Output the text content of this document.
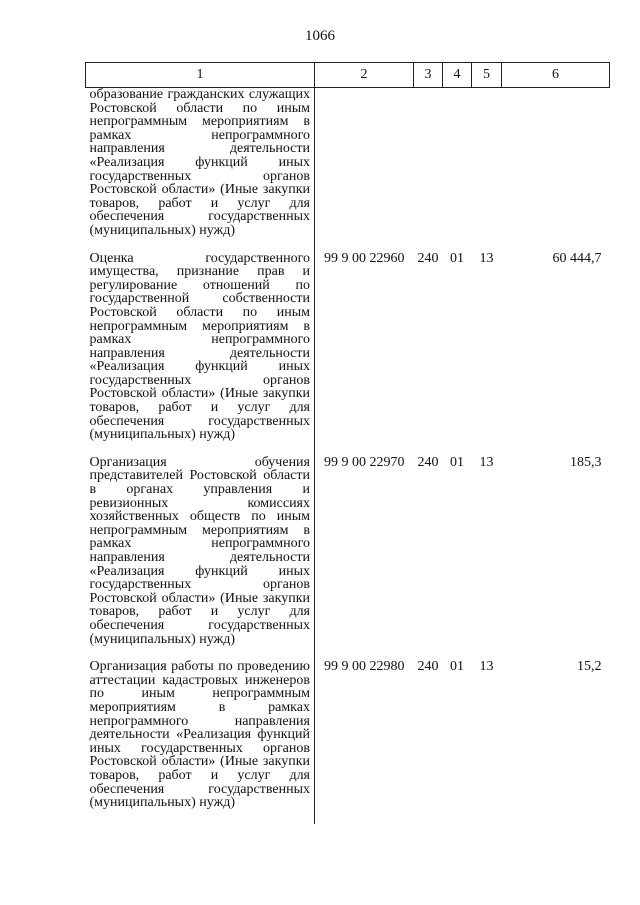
1066
1	2	3	4	5	6
образование гражданских служащих Ростовской области по иным непрограммным мероприятиям в рамках непрограммного направления деятельности «Реализация функций иных государственных органов Ростовской области» (Иные закупки товаров, работ и услуг для обеспечения государственных (муниципальных) нужд)					
Оценка государственного имущества, признание прав и регулирование отношений по государственной собственности Ростовской области по иным непрограммным мероприятиям в рамках непрограммного направления деятельности «Реализация функций иных государственных органов Ростовской области» (Иные закупки товаров, работ и услуг для обеспечения государственных (муниципальных) нужд)	99 9 00 22960	240	01	13	60 444,7
Организация обучения представителей Ростовской области в органах управления и ревизионных комиссиях хозяйственных обществ по иным непрограммным мероприятиям в рамках непрограммного направления деятельности «Реализация функций иных государственных органов Ростовской области» (Иные закупки товаров, работ и услуг для обеспечения государственных (муниципальных) нужд)	99 9 00 22970	240	01	13	185,3
Организация работы по проведению аттестации кадастровых инженеров по иным непрограммным мероприятиям в рамках непрограммного направления деятельности «Реализация функций иных государственных органов Ростовской области» (Иные закупки товаров, работ и услуг для обеспечения государственных (муниципальных) нужд)	99 9 00 22980	240	01	13	15,2
